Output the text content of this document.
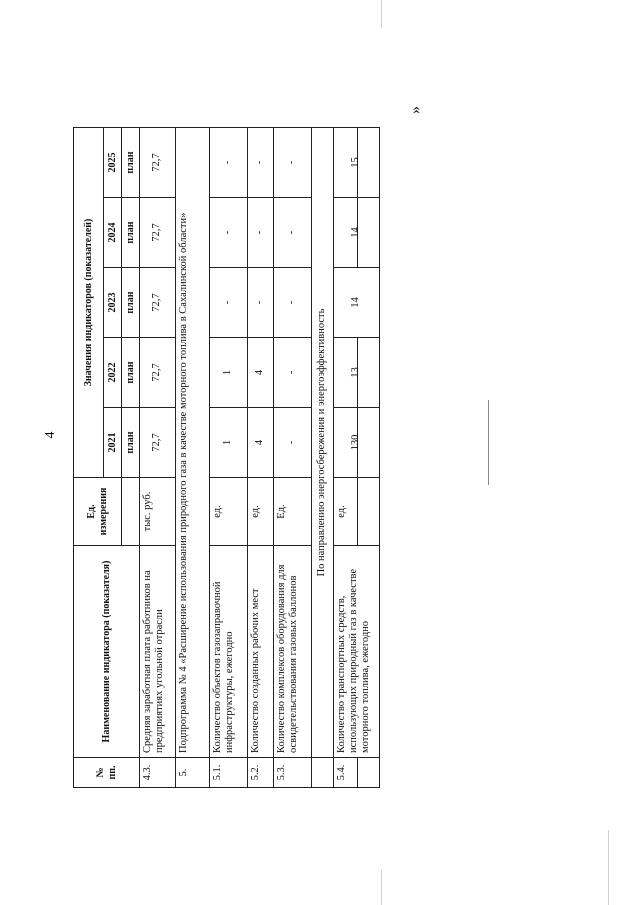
4
»
№ пп.	Наименование индикатора (показателя)	Ед. измерения	Значения индикаторов (показателей)				
			2021	2022	2023	2024	2025
			план	план	план	план	план
4.3.	Средняя заработная плата работников на предприятиях угольной отрасли	тыс. руб.	72,7	72,7	72,7	72,7	72,7
5.	Подпрограмма № 4 «Расширение использования природного газа в качестве моторного топлива в Сахалинской области»						
5.1.	Количество объектов газозаправочной инфраструктуры, ежегодно	ед.	1	1	-	-	-
5.2.	Количество созданных рабочих мест	ед.	4	4	-	-	-
5.3.	Количество комплексов оборудования для освидетельствования газовых баллонов	Ед.	-	-	-	-	-
	По направлению энергосбережения и энергоэффективность						
5.4.	Количество транспортных средств, использующих природный газ в качестве моторного топлива, ежегодно	ед.	130	13	14	14	15
